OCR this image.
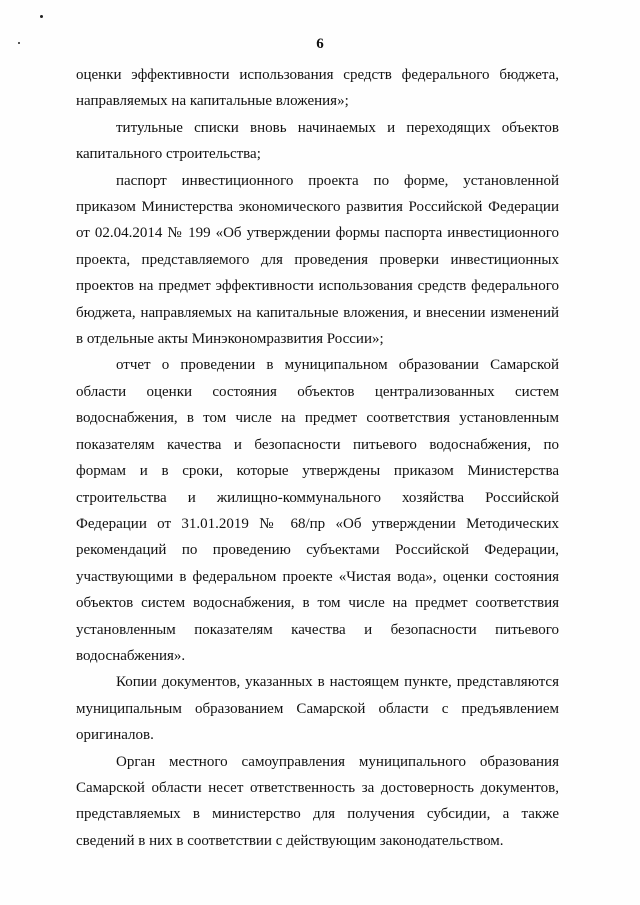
6

оценки эффективности использования средств федерального бюджета, направляемых на капитальные вложения»;

титульные списки вновь начинаемых и переходящих объектов капитального строительства;

паспорт инвестиционного проекта по форме, установленной приказом Министерства экономического развития Российской Федерации от 02.04.2014 № 199 «Об утверждении формы паспорта инвестиционного проекта, представляемого для проведения проверки инвестиционных проектов на предмет эффективности использования средств федерального бюджета, направляемых на капитальные вложения, и внесении изменений в отдельные акты Минэкономразвития России»;

отчет о проведении в муниципальном образовании Самарской области оценки состояния объектов централизованных систем водоснабжения, в том числе на предмет соответствия установленным показателям качества и безопасности питьевого водоснабжения, по формам и в сроки, которые утверждены приказом Министерства строительства и жилищно-коммунального хозяйства Российской Федерации от 31.01.2019 № 68/пр «Об утверждении Методических рекомендаций по проведению субъектами Российской Федерации, участвующими в федеральном проекте «Чистая вода», оценки состояния объектов систем водоснабжения, в том числе на предмет соответствия установленным показателям качества и безопасности питьевого водоснабжения».

Копии документов, указанных в настоящем пункте, представляются муниципальным образованием Самарской области с предъявлением оригиналов.

Орган местного самоуправления муниципального образования Самарской области несет ответственность за достоверность документов, представляемых в министерство для получения субсидии, а также сведений в них в соответствии с действующим законодательством.
